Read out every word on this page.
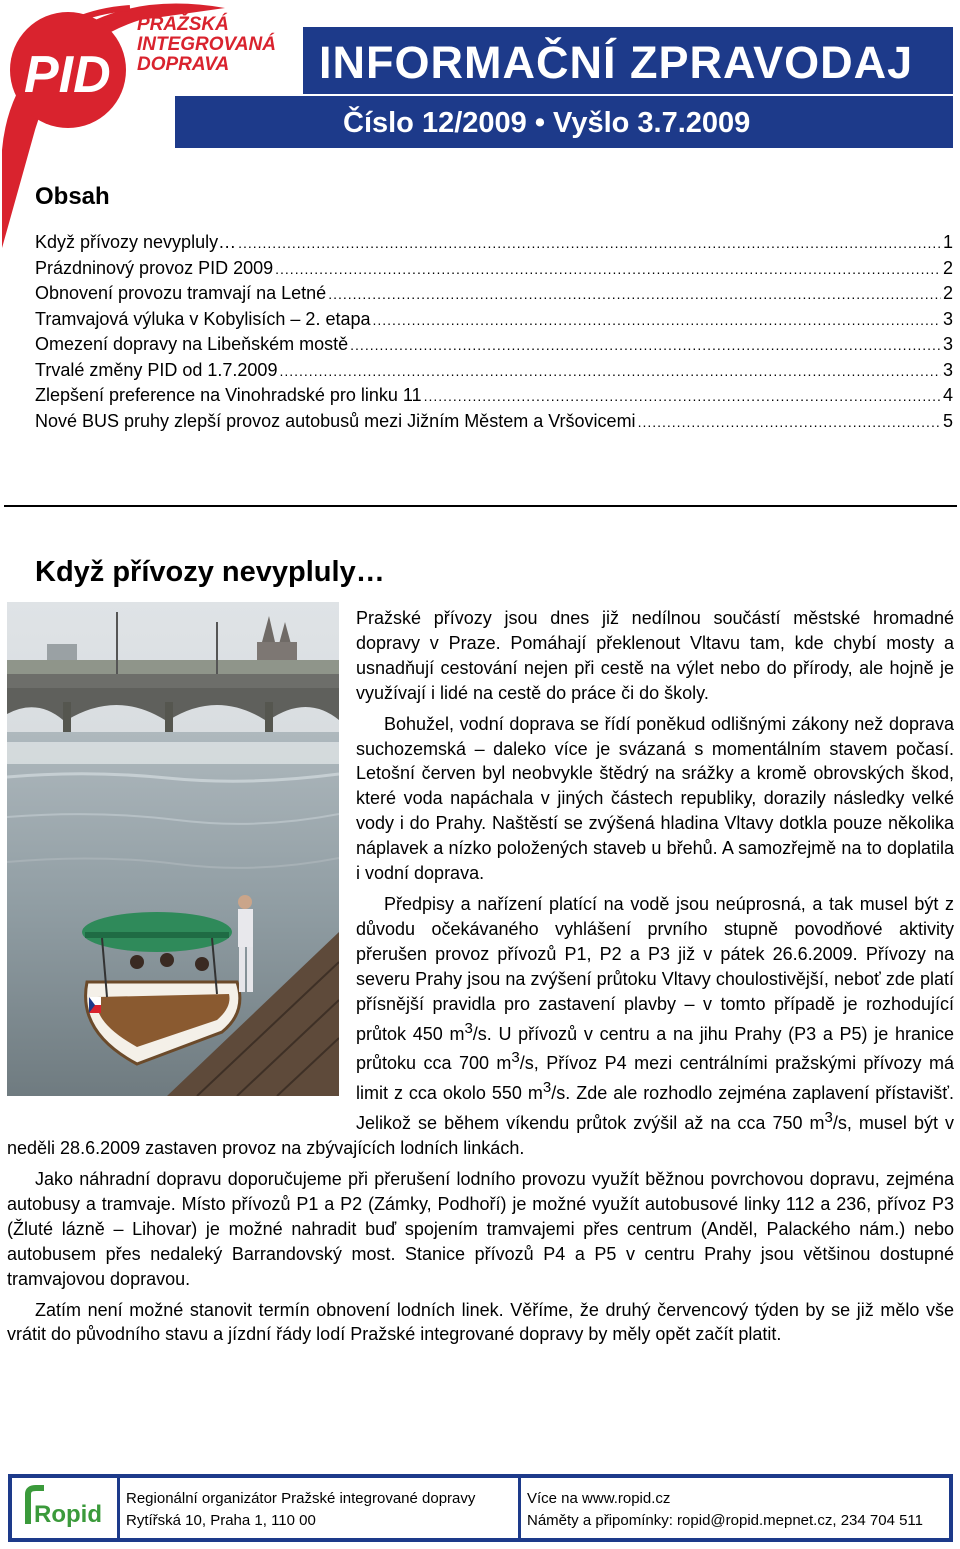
PID
PRAŽSKÁ
INTEGROVANÁ
DOPRAVA INFORMAČNÍ ZPRAVODAJ
Číslo 12/2009 • Vyšlo 3.7.2009
Obsah
Když přívozy nevypluly… .....	1
Prázdninový provoz PID 2009 .....	2
Obnovení provozu tramvají na Letné .....	2
Tramvajová výluka v Kobylisích – 2. etapa .....	3
Omezení dopravy na Libeňském mostě .....	3
Trvalé změny PID od 1.7.2009 .....	3
Zlepšení preference na Vinohradské pro linku 11 .....	4
Nové BUS pruhy zlepší provoz autobusů mezi Jižním Městem a Vršovicemi .....	5
Když přívozy nevypluly…

Pražské přívozy jsou dnes již nedílnou součástí městské hromadné dopravy v Praze. Pomáhají překlenout Vltavu tam, kde chybí mosty a usnadňují cestování nejen při cestě na výlet nebo do přírody, ale hojně je využívají i lidé na cestě do práce či do školy.

Bohužel, vodní doprava se řídí poněkud odlišnými zákony než doprava suchozemská – daleko více je svázaná s momentálním stavem počasí. Letošní červen byl neobvykle štědrý na srážky a kromě obrovských škod, které voda napáchala v jiných částech republiky, dorazily následky velké vody i do Prahy. Naštěstí se zvýšená hladina Vltavy dotkla pouze několika náplavek a nízko položených staveb u břehů. A samozřejmě na to doplatila i vodní doprava.

Předpisy a nařízení platící na vodě jsou neúprosná, a tak musel být z důvodu očekávaného vyhlášení prvního stupně povodňové aktivity přerušen provoz přívozů P1, P2 a P3 již v pátek 26.6.2009. Přívozy na severu Prahy jsou na zvýšení průtoku Vltavy choulostivější, neboť zde platí přísnější pravidla pro zastavení plavby – v tomto případě je rozhodující průtok 450 $m^3/s$. U přívozů v centru a na jihu Prahy (P3 a P5) je hranice průtoku cca 700 $m^3/s$, Přívoz P4 mezi centrálními pražskými přívozy má limit z cca okolo 550 $m^3/s$. Zde ale rozhodlo zejména zaplavení přístavišť. Jelikož se během víkendu průtok zvýšil až na cca 750 $m^3/s$, musel být v neděli 28.6.2009 zastaven provoz na zbývajících lodních linkách.

Jako náhradní dopravu doporučujeme při přerušení lodního provozu využít běžnou povrchovou dopravu, zejména autobusy a tramvaje. Místo přívozů P1 a P2 (Zámky, Podhoří) je možné využít autobusové linky 112 a 236, přívoz P3 (Žluté lázně – Lihovar) je možné nahradit buď spojením tramvajemi přes centrum (Anděl, Palackého nám.) nebo autobusem přes nedaleký Barrandovský most. Stanice přívozů P4 a P5 v centru Prahy jsou většinou dostupné tramvajovou dopravou.

Zatím není možné stanovit termín obnovení lodních linek. Věříme, že druhý červencový týden by se již mělo vše vrátit do původního stavu a jízdní řády lodí Pražské integrované dopravy by měly opět začít platit.

Ropid
Regionální organizátor Pražské integrované dopravy
Rytířská 10, Praha 1, 110 00
Více na www.ropid.cz
Náměty a připomínky: ropid@ropid.mepnet.cz, 234 704 511
